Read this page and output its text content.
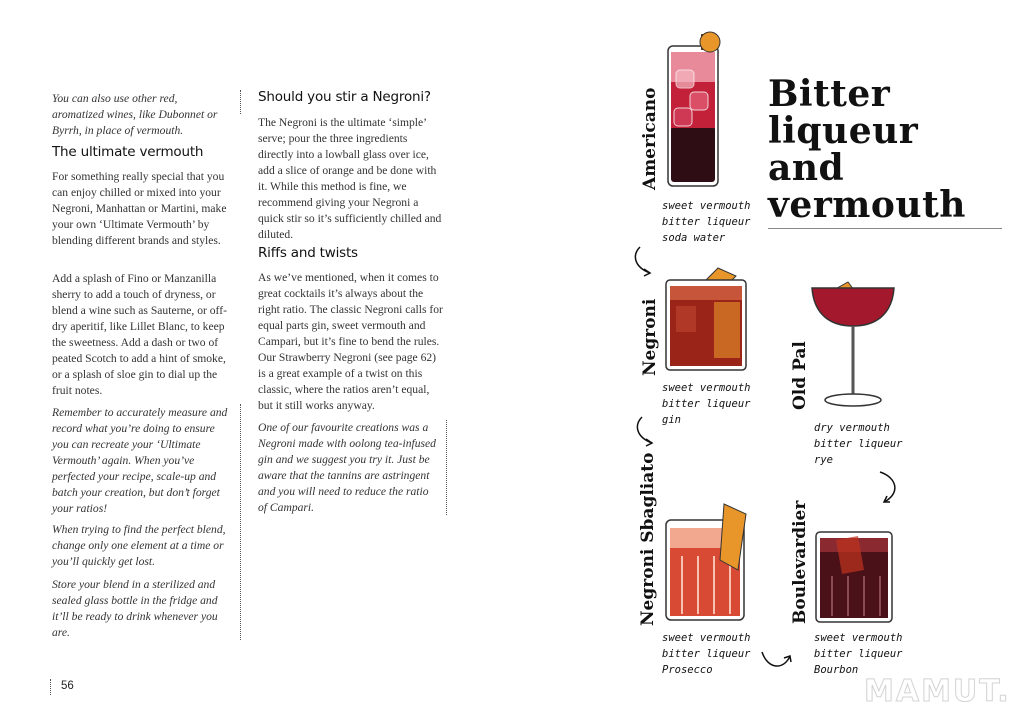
You can also use other red, aromatized wines, like Dubonnet or Byrrh, in place of vermouth.
The ultimate vermouth
For something really special that you can enjoy chilled or mixed into your Negroni, Manhattan or Martini, make your own ‘Ultimate Vermouth’ by blending different brands and styles.
Add a splash of Fino or Manzanilla sherry to add a touch of dryness, or blend a wine such as Sauterne, or off-dry aperitif, like Lillet Blanc, to keep the sweetness. Add a dash or two of peated Scotch to add a hint of smoke, or a splash of sloe gin to dial up the fruit notes.
Remember to accurately measure and record what you’re doing to ensure you can recreate your ‘Ultimate Vermouth’ again. When you’ve perfected your recipe, scale-up and batch your creation, but don’t forget your ratios!
When trying to find the perfect blend, change only one element at a time or you’ll quickly get lost.
Store your blend in a sterilized and sealed glass bottle in the fridge and it’ll be ready to drink whenever you are.
Should you stir a Negroni?
The Negroni is the ultimate ‘simple’ serve; pour the three ingredients directly into a lowball glass over ice, add a slice of orange and be done with it. While this method is fine, we recommend giving your Negroni a quick stir so it’s sufficiently chilled and diluted.
Riffs and twists
As we’ve mentioned, when it comes to great cocktails it’s always about the right ratio. The classic Negroni calls for equal parts gin, sweet vermouth and Campari, but it’s fine to bend the rules. Our Strawberry Negroni (see page 62) is a great example of a twist on this classic, where the ratios aren’t equal, but it still works anyway.
One of our favourite creations was a Negroni made with oolong tea-infused gin and we suggest you try it. Just be aware that the tannins are astringent and you will need to reduce the ratio of Campari.
56
Bitter
liqueur
and
vermouth
Americano
sweet vermouth
bitter liqueur
soda water
Negroni
sweet vermouth
bitter liqueur
gin
Old Pal
dry vermouth
bitter liqueur
rye
Negroni Sbagliato
sweet vermouth
bitter liqueur
Prosecco
Boulevardier
sweet vermouth
bitter liqueur
Bourbon
MAMUT.
